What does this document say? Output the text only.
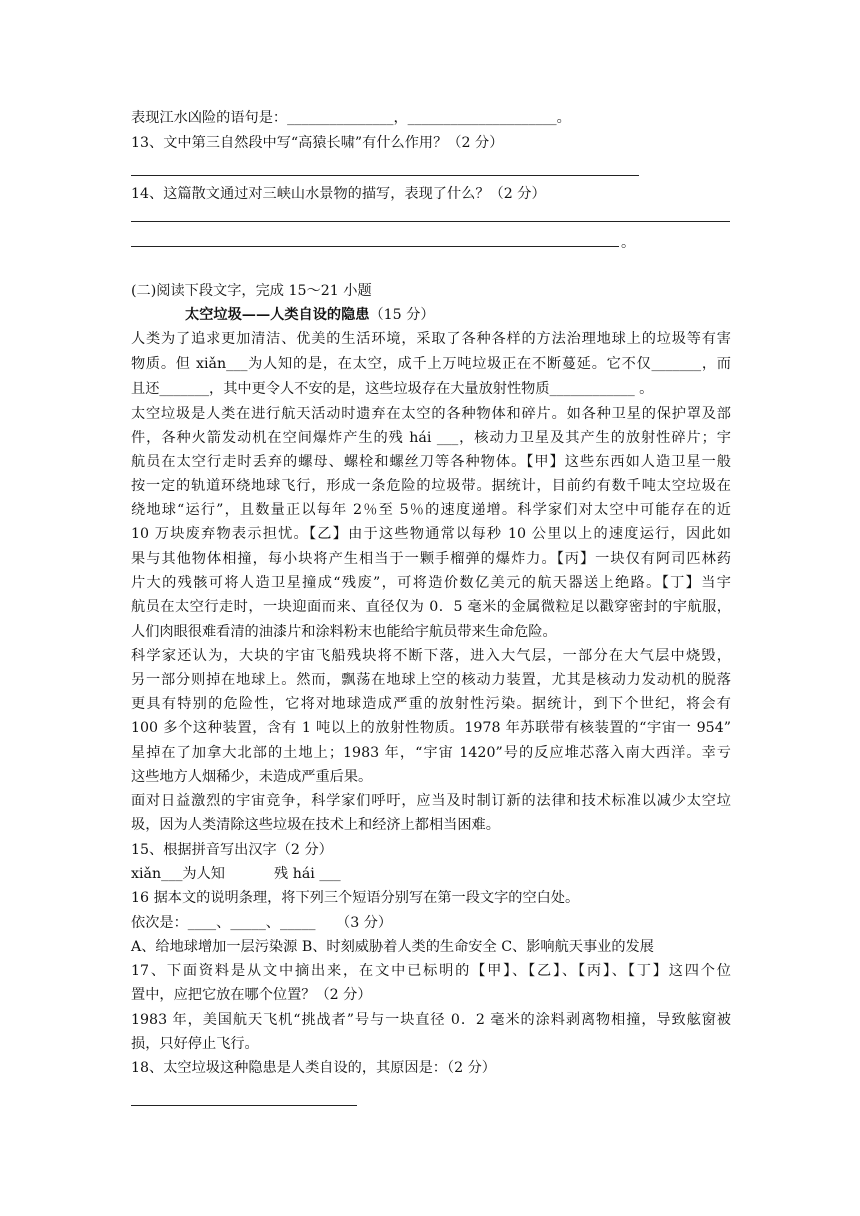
表现江水凶险的语句是：_______________，_____________________。
13、文中第三自然段中写“高猿长啸”有什么作用？（2 分）
14、这篇散文通过对三峡山水景物的描写，表现了什么？（2 分）
。
(二)阅读下段文字，完成 15～21 小题
太空垃圾——人类自设的隐患（15 分）
人类为了追求更加清洁、优美的生活环境，采取了各种各样的方法治理地球上的垃圾等有害
物质。但 xiǎn___为人知的是，在太空，成千上万吨垃圾正在不断蔓延。它不仅_______，而
且还_______，其中更令人不安的是，这些垃圾存在大量放射性物质____________ 。
太空垃圾是人类在进行航天活动时遗弃在太空的各种物体和碎片。如各种卫星的保护罩及部
件，各种火箭发动机在空间爆炸产生的残 hái ___，核动力卫星及其产生的放射性碎片；宇
航员在太空行走时丢弃的螺母、螺栓和螺丝刀等各种物体。【甲】这些东西如人造卫星一般
按一定的轨道环绕地球飞行，形成一条危险的垃圾带。据统计，目前约有数千吨太空垃圾在
绕地球“运行”，且数量正以每年 2％至 5％的速度递增。科学家们对太空中可能存在的近
10 万块废弃物表示担忧。【乙】由于这些物通常以每秒 10 公里以上的速度运行，因此如
果与其他物体相撞，每小块将产生相当于一颗手榴弹的爆炸力。【丙】一块仅有阿司匹林药
片大的残骸可将人造卫星撞成“残废”，可将造价数亿美元的航天器送上绝路。【丁】当宇
航员在太空行走时，一块迎面而来、直径仅为 0．5 毫米的金属微粒足以戳穿密封的宇航服，
人们肉眼很难看清的油漆片和涂料粉末也能给宇航员带来生命危险。
科学家还认为，大块的宇宙飞船残块将不断下落，进入大气层，一部分在大气层中烧毁，
另一部分则掉在地球上。然而，飘荡在地球上空的核动力装置，尤其是核动力发动机的脱落
更具有特别的危险性，它将对地球造成严重的放射性污染。据统计，到下个世纪，将会有
100 多个这种装置，含有 1 吨以上的放射性物质。1978 年苏联带有核装置的“宇宙一 954”
星掉在了加拿大北部的土地上；1983 年，“宇宙 1420”号的反应堆芯落入南大西洋。幸亏
这些地方人烟稀少，未造成严重后果。
面对日益激烈的宇宙竞争，科学家们呼吁，应当及时制订新的法律和技术标准以减少太空垃
圾，因为人类清除这些垃圾在技术上和经济上都相当困难。
15、根据拼音写出汉字（2 分）
xiǎn___为人知	残 hái ___
16 据本文的说明条理，将下列三个短语分别写在第一段文字的空白处。
依次是：____、_____、_____	（3 分）
A、给地球增加一层污染源 B、时刻威胁着人类的生命安全 C、影响航天事业的发展
17、下面资料是从文中摘出来，在文中已标明的【甲】、【乙】、【丙】、【丁】这四个位
置中，应把它放在哪个位置？（2 分）
1983 年，美国航天飞机“挑战者”号与一块直径 0．2 毫米的涂料剥离物相撞，导致舷窗被
损，只好停止飞行。
18、太空垃圾这种隐患是人类自设的，其原因是：（2 分）
